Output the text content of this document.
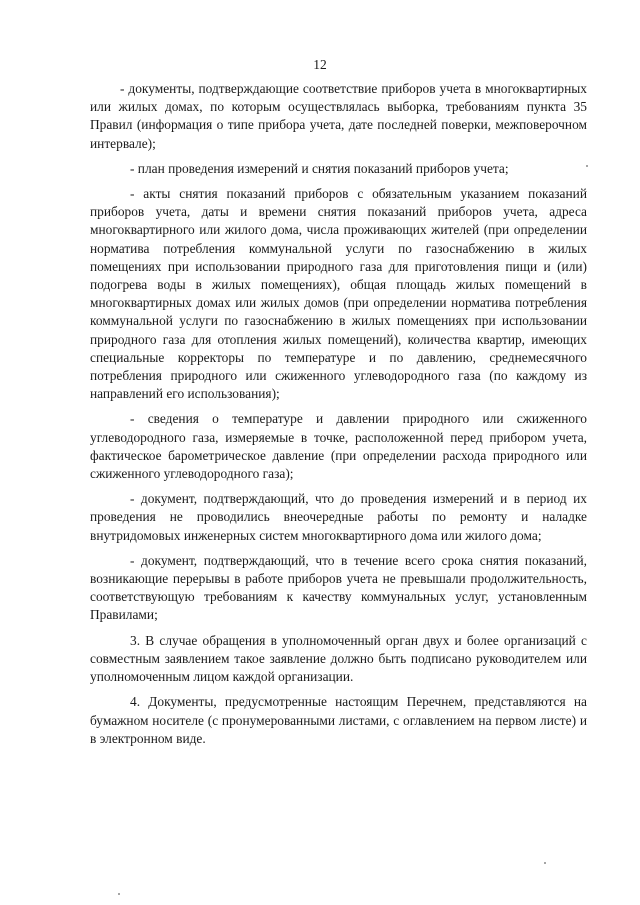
12

- документы, подтверждающие соответствие приборов учета в многоквартирных или жилых домах, по которым осуществлялась выборка, требованиям пункта 35 Правил (информация о типе прибора учета, дате последней поверки, межповерочном интервале);

- план проведения измерений и снятия показаний приборов учета;

- акты снятия показаний приборов с обязательным указанием показаний приборов учета, даты и времени снятия показаний приборов учета, адреса многоквартирного или жилого дома, числа проживающих жителей (при определении норматива потребления коммунальной услуги по газоснабжению в жилых помещениях при использовании природного газа для приготовления пищи и (или) подогрева воды в жилых помещениях), общая площадь жилых помещений в многоквартирных домах или жилых домов (при определении норматива потребления коммунальной услуги по газоснабжению в жилых помещениях при использовании природного газа для отопления жилых помещений), количества квартир, имеющих специальные корректоры по температуре и по давлению, среднемесячного потребления природного или сжиженного углеводородного газа (по каждому из направлений его использования);

- сведения о температуре и давлении природного или сжиженного углеводородного газа, измеряемые в точке, расположенной перед прибором учета, фактическое барометрическое давление (при определении расхода природного или сжиженного углеводородного газа);

- документ, подтверждающий, что до проведения измерений и в период их проведения не проводились внеочередные работы по ремонту и наладке внутридомовых инженерных систем многоквартирного дома или жилого дома;

- документ, подтверждающий, что в течение всего срока снятия показаний, возникающие перерывы в работе приборов учета не превышали продолжительность, соответствующую требованиям к качеству коммунальных услуг, установленным Правилами;

3. В случае обращения в уполномоченный орган двух и более организаций с совместным заявлением такое заявление должно быть подписано руководителем или уполномоченным лицом каждой организации.

4. Документы, предусмотренные настоящим Перечнем, представляются на бумажном носителе (с пронумерованными листами, с оглавлением на первом листе) и в электронном виде.
